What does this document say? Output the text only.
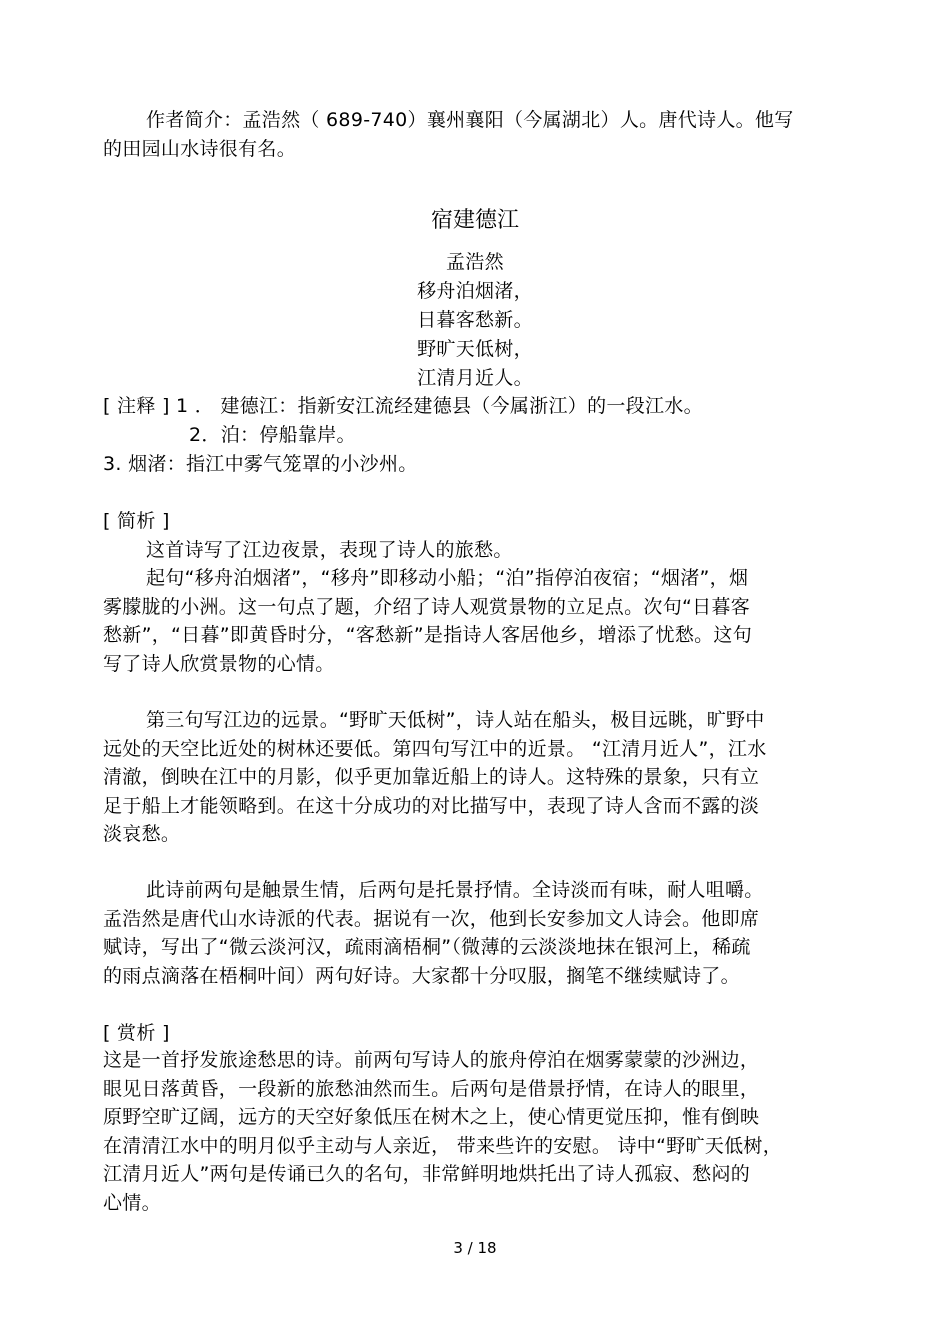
作者简介：孟浩然（ 689-740）襄州襄阳（今属湖北）人。唐代诗人。他写
的田园山水诗很有名。
宿建德江
孟浩然
移舟泊烟渚，
日暮客愁新。
野旷天低树，
江清月近人。
[ 注释 ] 1 ． 建德江：指新安江流经建德县（今属浙江）的一段江水。
2．泊：停船靠岸。
3. 烟渚：指江中雾气笼罩的小沙州。
[ 简析 ]
这首诗写了江边夜景，表现了诗人的旅愁。
起句“移舟泊烟渚”，“移舟”即移动小船；“泊”指停泊夜宿；“烟渚”，烟
雾朦胧的小洲。这一句点了题，介绍了诗人观赏景物的立足点。次句“日暮客
愁新”，“日暮”即黄昏时分，“客愁新”是指诗人客居他乡，增添了忧愁。这句
写了诗人欣赏景物的心情。
第三句写江边的远景。“野旷天低树”，诗人站在船头，极目远眺，旷野中
远处的天空比近处的树林还要低。第四句写江中的近景。 “江清月近人”，江水
清澈，倒映在江中的月影，似乎更加靠近船上的诗人。这特殊的景象，只有立
足于船上才能领略到。在这十分成功的对比描写中，表现了诗人含而不露的淡
淡哀愁。
此诗前两句是触景生情，后两句是托景抒情。全诗淡而有味，耐人咀嚼。
孟浩然是唐代山水诗派的代表。据说有一次，他到长安参加文人诗会。他即席
赋诗，写出了“微云淡河汉，疏雨滴梧桐”（微薄的云淡淡地抹在银河上，稀疏
的雨点滴落在梧桐叶间）两句好诗。大家都十分叹服，搁笔不继续赋诗了。
[ 赏析 ]
这是一首抒发旅途愁思的诗。前两句写诗人的旅舟停泊在烟雾蒙蒙的沙洲边，
眼见日落黄昏，一段新的旅愁油然而生。后两句是借景抒情，在诗人的眼里，
原野空旷辽阔，远方的天空好象低压在树木之上，使心情更觉压抑，惟有倒映
在清清江水中的明月似乎主动与人亲近， 带来些许的安慰。 诗中“野旷天低树，
江清月近人”两句是传诵已久的名句，非常鲜明地烘托出了诗人孤寂、愁闷的
心情。
3 / 18
